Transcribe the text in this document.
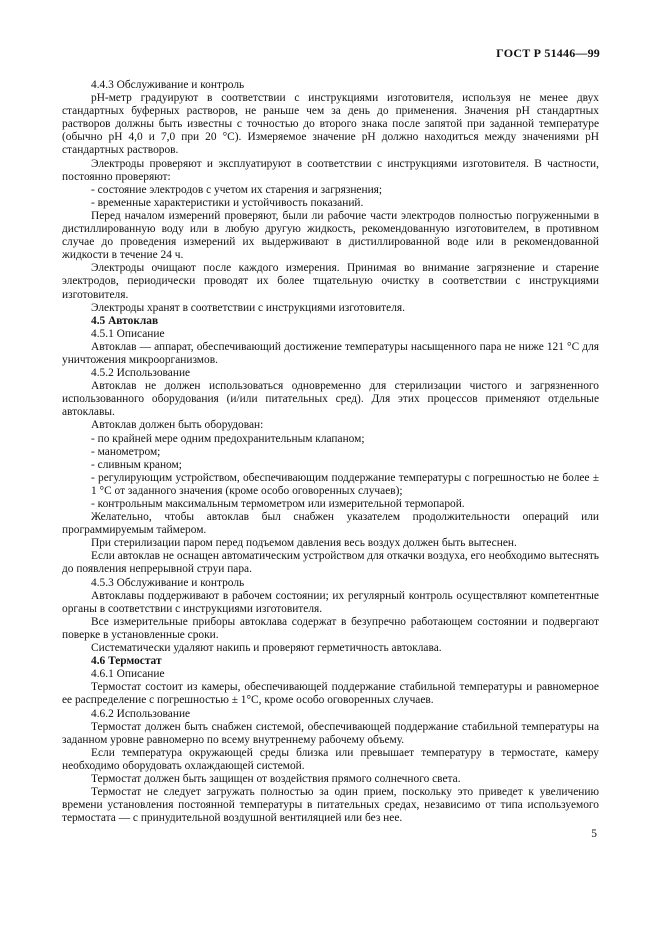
ГОСТ Р 51446—99

4.4.3 Обслуживание и контроль

рН-метр градуируют в соответствии с инструкциями изготовителя, используя не менее двух стандартных буферных растворов, не раньше чем за день до применения. Значения рН стандартных растворов должны быть известны с точностью до второго знака после запятой при заданной температуре (обычно рН 4,0 и 7,0 при 20 °С). Измеряемое значение рН должно находиться между значениями рН стандартных растворов.

Электроды проверяют и эксплуатируют в соответствии с инструкциями изготовителя. В частности, постоянно проверяют:

- состояние электродов с учетом их старения и загрязнения;

- временные характеристики и устойчивость показаний.

Перед началом измерений проверяют, были ли рабочие части электродов полностью погруженными в дистиллированную воду или в любую другую жидкость, рекомендованную изготовителем, в противном случае до проведения измерений их выдерживают в дистиллированной воде или в рекомендованной жидкости в течение 24 ч.

Электроды очищают после каждого измерения. Принимая во внимание загрязнение и старение электродов, периодически проводят их более тщательную очистку в соответствии с инструкциями изготовителя.

Электроды хранят в соответствии с инструкциями изготовителя.

4.5 Автоклав

4.5.1 Описание

Автоклав — аппарат, обеспечивающий достижение температуры насыщенного пара не ниже 121 °С для уничтожения микроорганизмов.

4.5.2 Использование

Автоклав не должен использоваться одновременно для стерилизации чистого и загрязненного использованного оборудования (и/или питательных сред). Для этих процессов применяют отдельные автоклавы.

Автоклав должен быть оборудован:

- по крайней мере одним предохранительным клапаном;

- манометром;

- сливным краном;

- регулирующим устройством, обеспечивающим поддержание температуры с погрешностью не более ± 1 °С от заданного значения (кроме особо оговоренных случаев);

- контрольным максимальным термометром или измерительной термопарой.

Желательно, чтобы автоклав был снабжен указателем продолжительности операций или программируемым таймером.

При стерилизации паром перед подъемом давления весь воздух должен быть вытеснен.

Если автоклав не оснащен автоматическим устройством для откачки воздуха, его необходимо вытеснять до появления непрерывной струи пара.

4.5.3 Обслуживание и контроль

Автоклавы поддерживают в рабочем состоянии; их регулярный контроль осуществляют компетентные органы в соответствии с инструкциями изготовителя.

Все измерительные приборы автоклава содержат в безупречно работающем состоянии и подвергают поверке в установленные сроки.

Систематически удаляют накипь и проверяют герметичность автоклава.

4.6 Термостат

4.6.1 Описание

Термостат состоит из камеры, обеспечивающей поддержание стабильной температуры и равномерное ее распределение с погрешностью ± 1°С, кроме особо оговоренных случаев.

4.6.2 Использование

Термостат должен быть снабжен системой, обеспечивающей поддержание стабильной температуры на заданном уровне равномерно по всему внутреннему рабочему объему.

Если температура окружающей среды близка или превышает температуру в термостате, камеру необходимо оборудовать охлаждающей системой.

Термостат должен быть защищен от воздействия прямого солнечного света.

Термостат не следует загружать полностью за один прием, поскольку это приведет к увеличению времени установления постоянной температуры в питательных средах, независимо от типа используемого термостата — с принудительной воздушной вентиляцией или без нее.

5
